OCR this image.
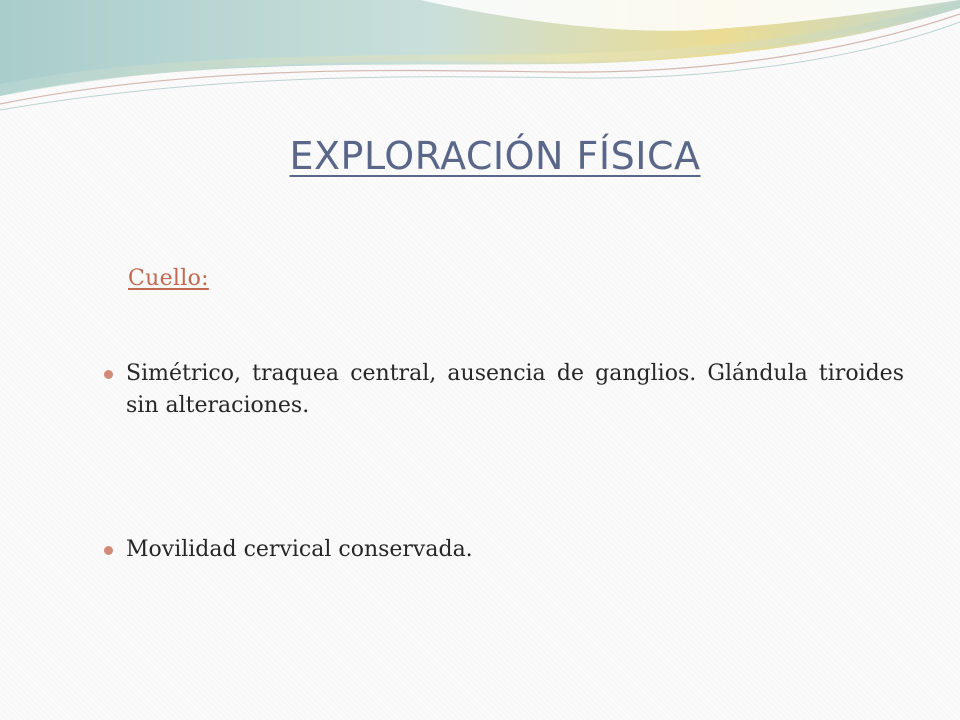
EXPLORACIÓN FÍSICA
Cuello:
Simétrico, traquea central, ausencia de ganglios. Glándula tiroides sin alteraciones.
Movilidad cervical conservada.
